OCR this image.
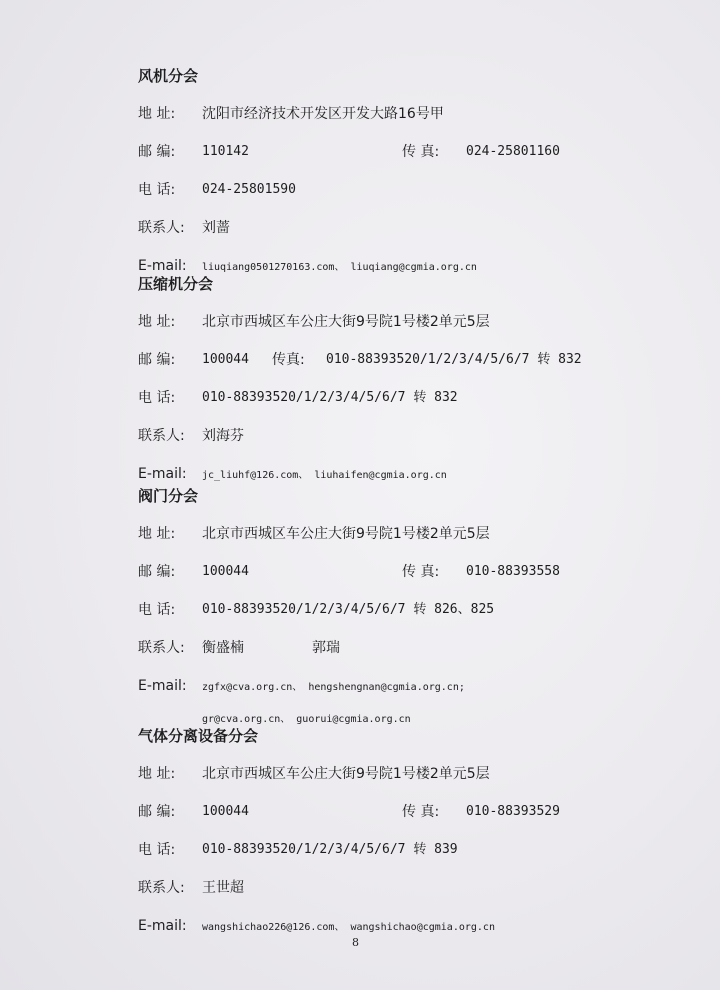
风机分会
地 址:	沈阳市经济技术开发区开发大路16号甲
邮 编:	110142	传 真:	024-25801160
电 话:	024-25801590
联系人:	刘蔷
E-mail:	liuqiang0501270163.com、 liuqiang@cgmia.org.cn
压缩机分会
地 址:	北京市西城区车公庄大街9号院1号楼2单元5层
邮 编:	100044	传真:	010-88393520/1/2/3/4/5/6/7 转 832
电 话:	010-88393520/1/2/3/4/5/6/7 转 832
联系人:	刘海芬
E-mail:	jc_liuhf@126.com、 liuhaifen@cgmia.org.cn
阀门分会
地 址:	北京市西城区车公庄大街9号院1号楼2单元5层
邮 编:	100044	传 真:	010-88393558
电 话:	010-88393520/1/2/3/4/5/6/7 转 826、825
联系人:	衡盛楠	郭瑞
E-mail:	zgfx@cva.org.cn、 hengshengnan@cgmia.org.cn;
gr@cva.org.cn、 guorui@cgmia.org.cn
气体分离设备分会
地 址:	北京市西城区车公庄大街9号院1号楼2单元5层
邮 编:	100044	传 真:	010-88393529
电 话:	010-88393520/1/2/3/4/5/6/7 转 839
联系人:	王世超
E-mail:	wangshichao226@126.com、 wangshichao@cgmia.org.cn
8
